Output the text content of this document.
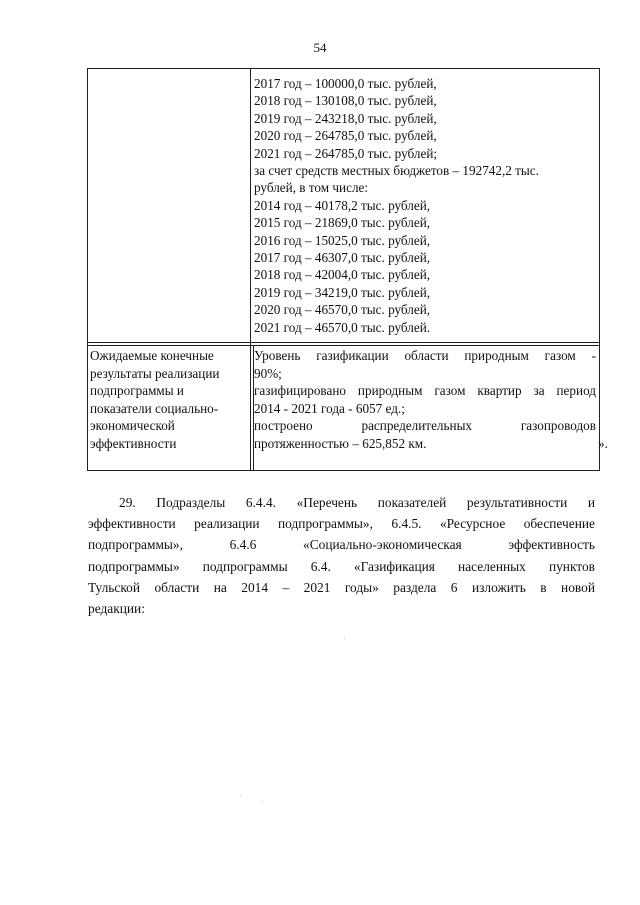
54
2017 год – 100000,0 тыс. рублей,
2018 год – 130108,0 тыс. рублей,
2019 год – 243218,0 тыс. рублей,
2020 год – 264785,0 тыс. рублей,
2021 год – 264785,0 тыс. рублей;
за счет средств местных бюджетов – 192742,2 тыс.
рублей, в том числе:
2014 год – 40178,2 тыс. рублей,
2015 год – 21869,0 тыс. рублей,
2016 год – 15025,0 тыс. рублей,
2017 год – 46307,0 тыс. рублей,
2018 год – 42004,0 тыс. рублей,
2019 год – 34219,0 тыс. рублей,
2020 год – 46570,0 тыс. рублей,
2021 год – 46570,0 тыс. рублей.
Ожидаемые конечные
результаты реализации
подпрограммы и
показатели социально-
экономической
эффективности
Уровень газификации области природным газом -
90%;
газифицировано природным газом квартир за период
2014 - 2021 года - 6057 ед.;
построено распределительных газопроводов
протяженностью – 625,852 км.	».
29. Подразделы 6.4.4. «Перечень показателей результативности и
эффективности реализации подпрограммы», 6.4.5. «Ресурсное обеспечение
подпрограммы», 6.4.6 «Социально-экономическая эффективность
подпрограммы» подпрограммы 6.4. «Газификация населенных пунктов
Тульской области на 2014 – 2021 годы» раздела 6 изложить в новой
редакции:
